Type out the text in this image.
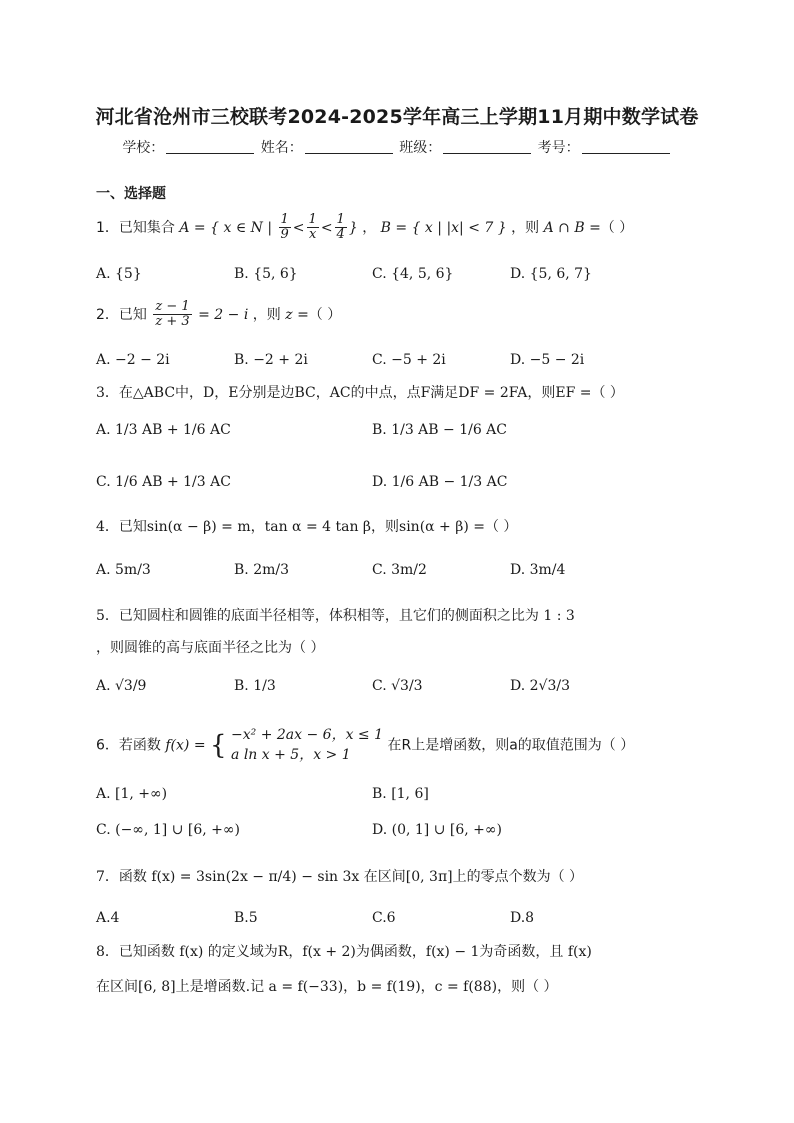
河北省沧州市三校联考2024-2025学年高三上学期11月期中数学试卷
学校：	姓名：	班级：	考号：
一、选择题
1．已知集合 A = { x ∈ N | $\frac{1}{9} < \frac{1}{x} < \frac{1}{4}$ } ， B = { x | |x| < 7 } ，则 A ∩ B =（ ）
A. {5}	B. {5, 6}	C. {4, 5, 6}	D. {5, 6, 7}
2．已知 $\frac{z - 1}{z + 3} = 2 - i$ ，则 z =（ ）
A. −2 − 2i	B. −2 + 2i	C. −5 + 2i	D. −5 − 2i
3．在△ABC中，D，E分别是边BC，AC的中点，点F满足DF = 2FA，则EF =（ ）
A. 1/3 AB + 1/6 AC	B. 1/3 AB − 1/6 AC
C. 1/6 AB + 1/3 AC	D. 1/6 AB − 1/3 AC
4．已知sin(α − β) = m，tan α = 4 tan β，则sin(α + β) =（ ）
A. 5m/3	B. 2m/3	C. 3m/2	D. 3m/4
5．已知圆柱和圆锥的底面半径相等，体积相等，且它们的侧面积之比为 1 : 3
，则圆锥的高与底面半径之比为（ ）
A. √3/9	B. 1/3	C. √3/3	D. 2√3/3
6．若函数 f(x) = { −x² + 2ax − 6，x ≤ 1
a ln x + 5，x > 1
在R上是增函数，则a的取值范围为（ ）
A. [1, +∞)	B. [1, 6]
C. (−∞, 1] ∪ [6, +∞)	D. (0, 1] ∪ [6, +∞)
7．函数 f(x) = 3sin(2x − π/4) − sin 3x 在区间[0, 3π]上的零点个数为（ ）
A.4	B.5	C.6	D.8
8．已知函数 f(x) 的定义域为R，f(x + 2)为偶函数，f(x) − 1为奇函数，且 f(x)
在区间[6, 8]上是增函数.记 a = f(−33)，b = f(19)，c = f(88)，则（ ）
